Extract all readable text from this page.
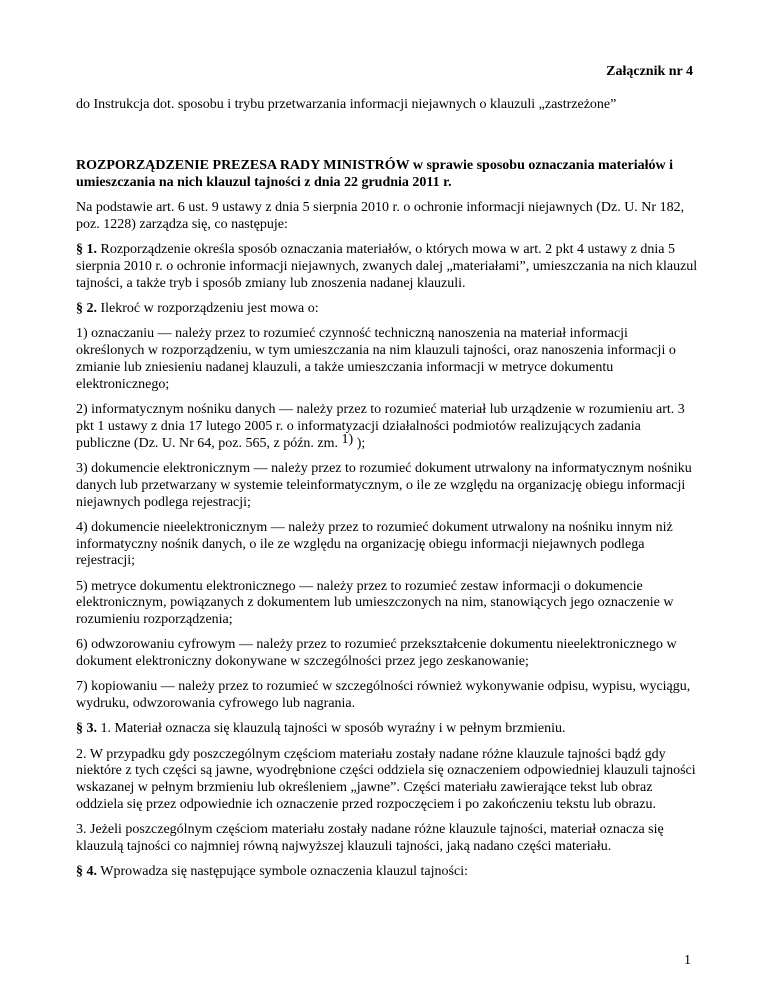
Załącznik nr 4
do Instrukcja dot. sposobu i trybu przetwarzania informacji niejawnych o klauzuli „zastrzeżone”

ROZPORZĄDZENIE PREZESA RADY MINISTRÓW w sprawie sposobu oznaczania materiałów i umieszczania na nich klauzul tajności z dnia 22 grudnia 2011 r.

Na podstawie art. 6 ust. 9 ustawy z dnia 5 sierpnia 2010 r. o ochronie informacji niejawnych (Dz. U. Nr 182, poz. 1228) zarządza się, co następuje:

§ 1. Rozporządzenie określa sposób oznaczania materiałów, o których mowa w art. 2 pkt 4 ustawy z dnia 5 sierpnia 2010 r. o ochronie informacji niejawnych, zwanych dalej „materiałami”, umieszczania na nich klauzul tajności, a także tryb i sposób zmiany lub znoszenia nadanej klauzuli.

§ 2. Ilekroć w rozporządzeniu jest mowa o:

1) oznaczaniu — należy przez to rozumieć czynność techniczną nanoszenia na materiał informacji określonych w rozporządzeniu, w tym umieszczania na nim klauzuli tajności, oraz nanoszenia informacji o zmianie lub zniesieniu nadanej klauzuli, a także umieszczania informacji w metryce dokumentu elektronicznego;

2) informatycznym nośniku danych — należy przez to rozumieć materiał lub urządzenie w rozumieniu art. 3 pkt 1 ustawy z dnia 17 lutego 2005 r. o informatyzacji działalności podmiotów realizujących zadania publiczne (Dz. U. Nr 64, poz. 565, z późn. zm. 1) );

3) dokumencie elektronicznym — należy przez to rozumieć dokument utrwalony na informatycznym nośniku danych lub przetwarzany w systemie teleinformatycznym, o ile ze względu na organizację obiegu informacji niejawnych podlega rejestracji;

4) dokumencie nieelektronicznym — należy przez to rozumieć dokument utrwalony na nośniku innym niż informatyczny nośnik danych, o ile ze względu na organizację obiegu informacji niejawnych podlega rejestracji;

5) metryce dokumentu elektronicznego — należy przez to rozumieć zestaw informacji o dokumencie elektronicznym, powiązanych z dokumentem lub umieszczonych na nim, stanowiących jego oznaczenie w rozumieniu rozporządzenia;

6) odwzorowaniu cyfrowym — należy przez to rozumieć przekształcenie dokumentu nieelektronicznego w dokument elektroniczny dokonywane w szczególności przez jego zeskanowanie;

7) kopiowaniu — należy przez to rozumieć w szczególności również wykonywanie odpisu, wypisu, wyciągu, wydruku, odwzorowania cyfrowego lub nagrania.

§ 3. 1. Materiał oznacza się klauzulą tajności w sposób wyraźny i w pełnym brzmieniu.

2. W przypadku gdy poszczególnym częściom materiału zostały nadane różne klauzule tajności bądź gdy niektóre z tych części są jawne, wyodrębnione części oddziela się oznaczeniem odpowiedniej klauzuli tajności wskazanej w pełnym brzmieniu lub określeniem „jawne”. Części materiału zawierające tekst lub obraz oddziela się przez odpowiednie ich oznaczenie przed rozpoczęciem i po zakończeniu tekstu lub obrazu.

3. Jeżeli poszczególnym częściom materiału zostały nadane różne klauzule tajności, materiał oznacza się klauzulą tajności co najmniej równą najwyższej klauzuli tajności, jaką nadano części materiału.

§ 4. Wprowadza się następujące symbole oznaczenia klauzul tajności:

1
